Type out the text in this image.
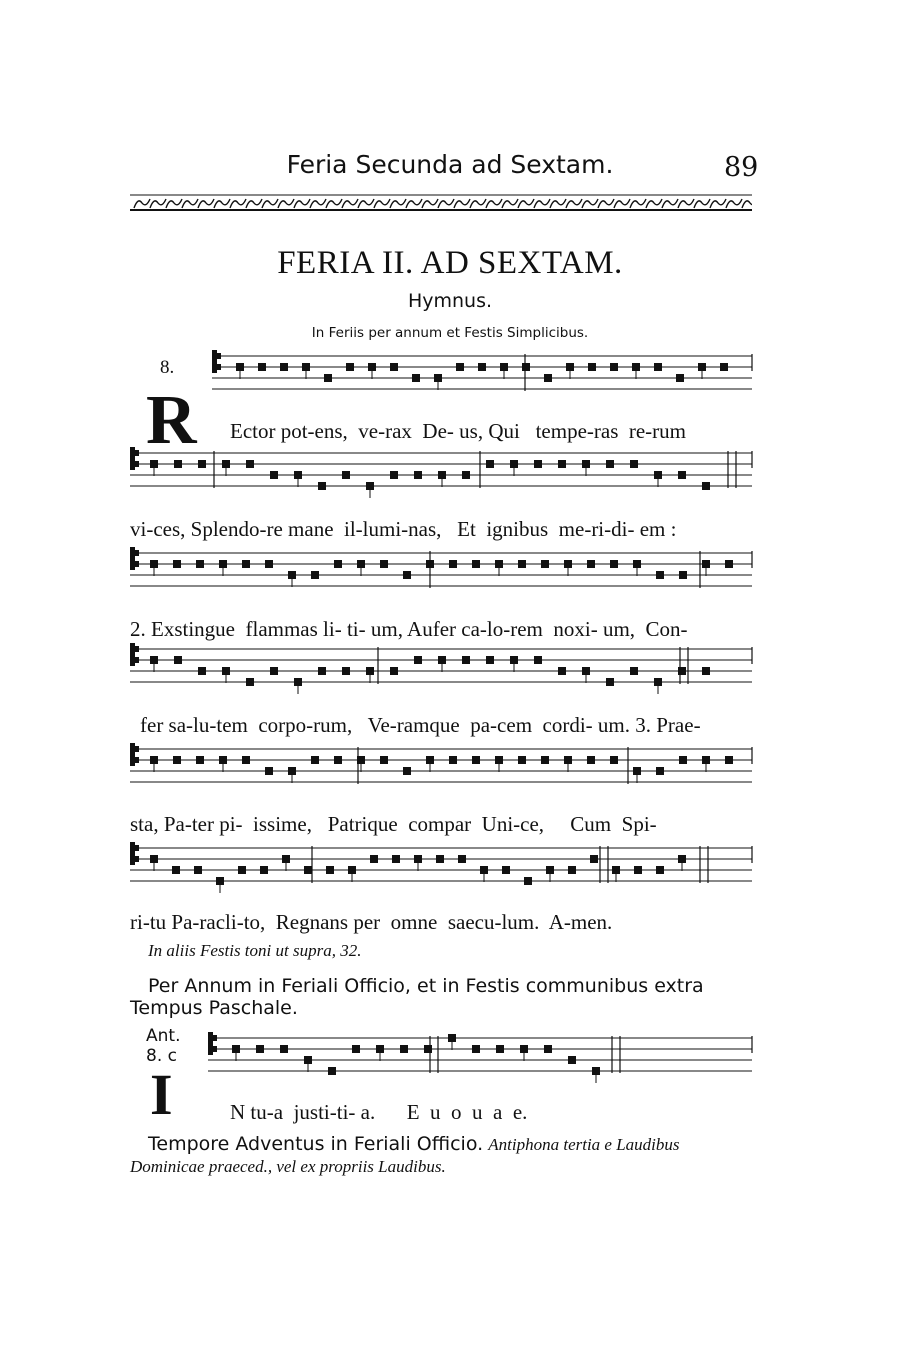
Feria Secunda ad Sextam.	89
FERIA II. AD SEXTAM.
Hymnus.
In Feriis per annum et Festis Simplicibus.
8.
R Ector pot-ens,  ve-rax  De- us, Qui   tempe-ras  re-rum
vi-ces, Splendo-re mane  il-lumi-nas,   Et  ignibus  me-ri-di- em :
2. Exstingue  flammas li- ti- um, Aufer ca-lo-rem  noxi- um,  Con-
fer sa-lu-tem  corpo-rum,   Ve-ramque  pa-cem  cordi- um. 3. Prae-
sta, Pa-ter pi-  issime,   Patrique  compar  Uni-ce,     Cum  Spi-
ri-tu Pa-racli-to,  Regnans per  omne  saecu-lum.  A-men.
In aliis Festis toni ut supra, 32.
Per Annum in Feriali Officio, et in Festis communibus extra Tempus Paschale.
Ant.
8. c
I	N tu-a  justi-ti- a.      E  u  o  u  a  e.
Tempore Adventus in Feriali Officio. Antiphona tertia e Laudibus Dominicae praeced., vel ex propriis Laudibus.
